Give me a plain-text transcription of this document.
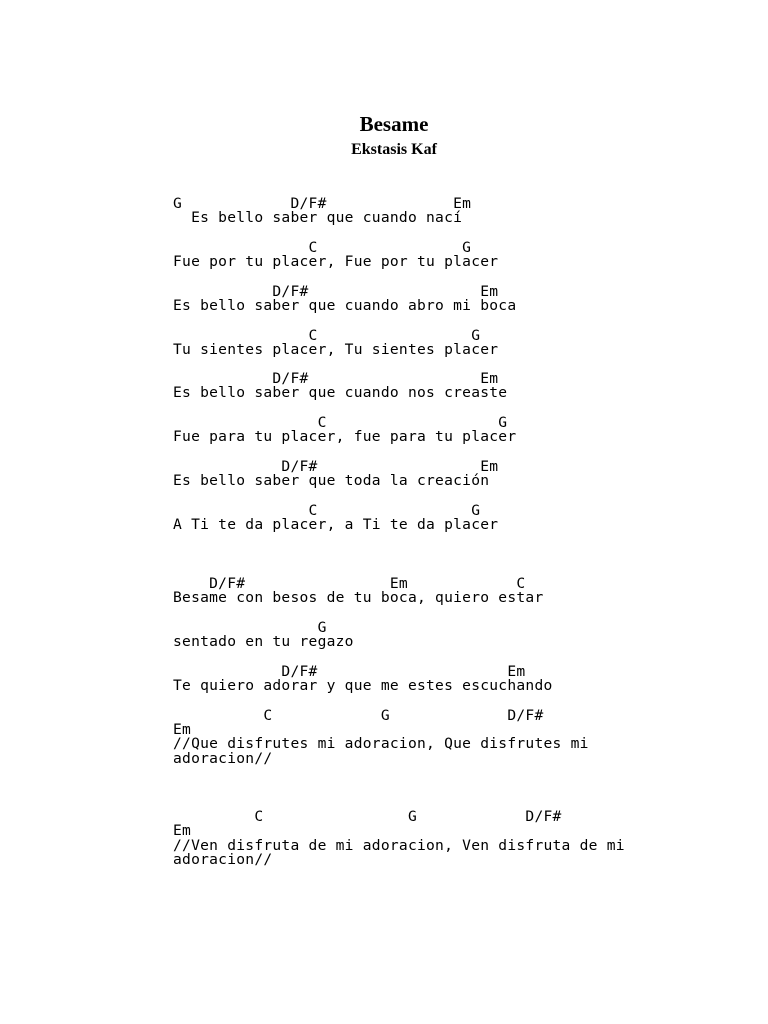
Besame
Ekstasis Kaf
G            D/F#              Em
Es bello saber que cuando nací
C                G
Fue por tu placer, Fue por tu placer
D/F#                   Em
Es bello saber que cuando abro mi boca
C                 G
Tu sientes placer, Tu sientes placer
D/F#                   Em
Es bello saber que cuando nos creaste
C                   G
Fue para tu placer, fue para tu placer
D/F#                  Em
Es bello saber que toda la creación
C                 G
A Ti te da placer, a Ti te da placer
D/F#                Em            C
Besame con besos de tu boca, quiero estar
G
sentado en tu regazo
D/F#                     Em
Te quiero adorar y que me estes escuchando
C            G             D/F#
Em
//Que disfrutes mi adoracion, Que disfrutes mi
adoracion//
C                G            D/F#
Em
//Ven disfruta de mi adoracion, Ven disfruta de mi
adoracion//
